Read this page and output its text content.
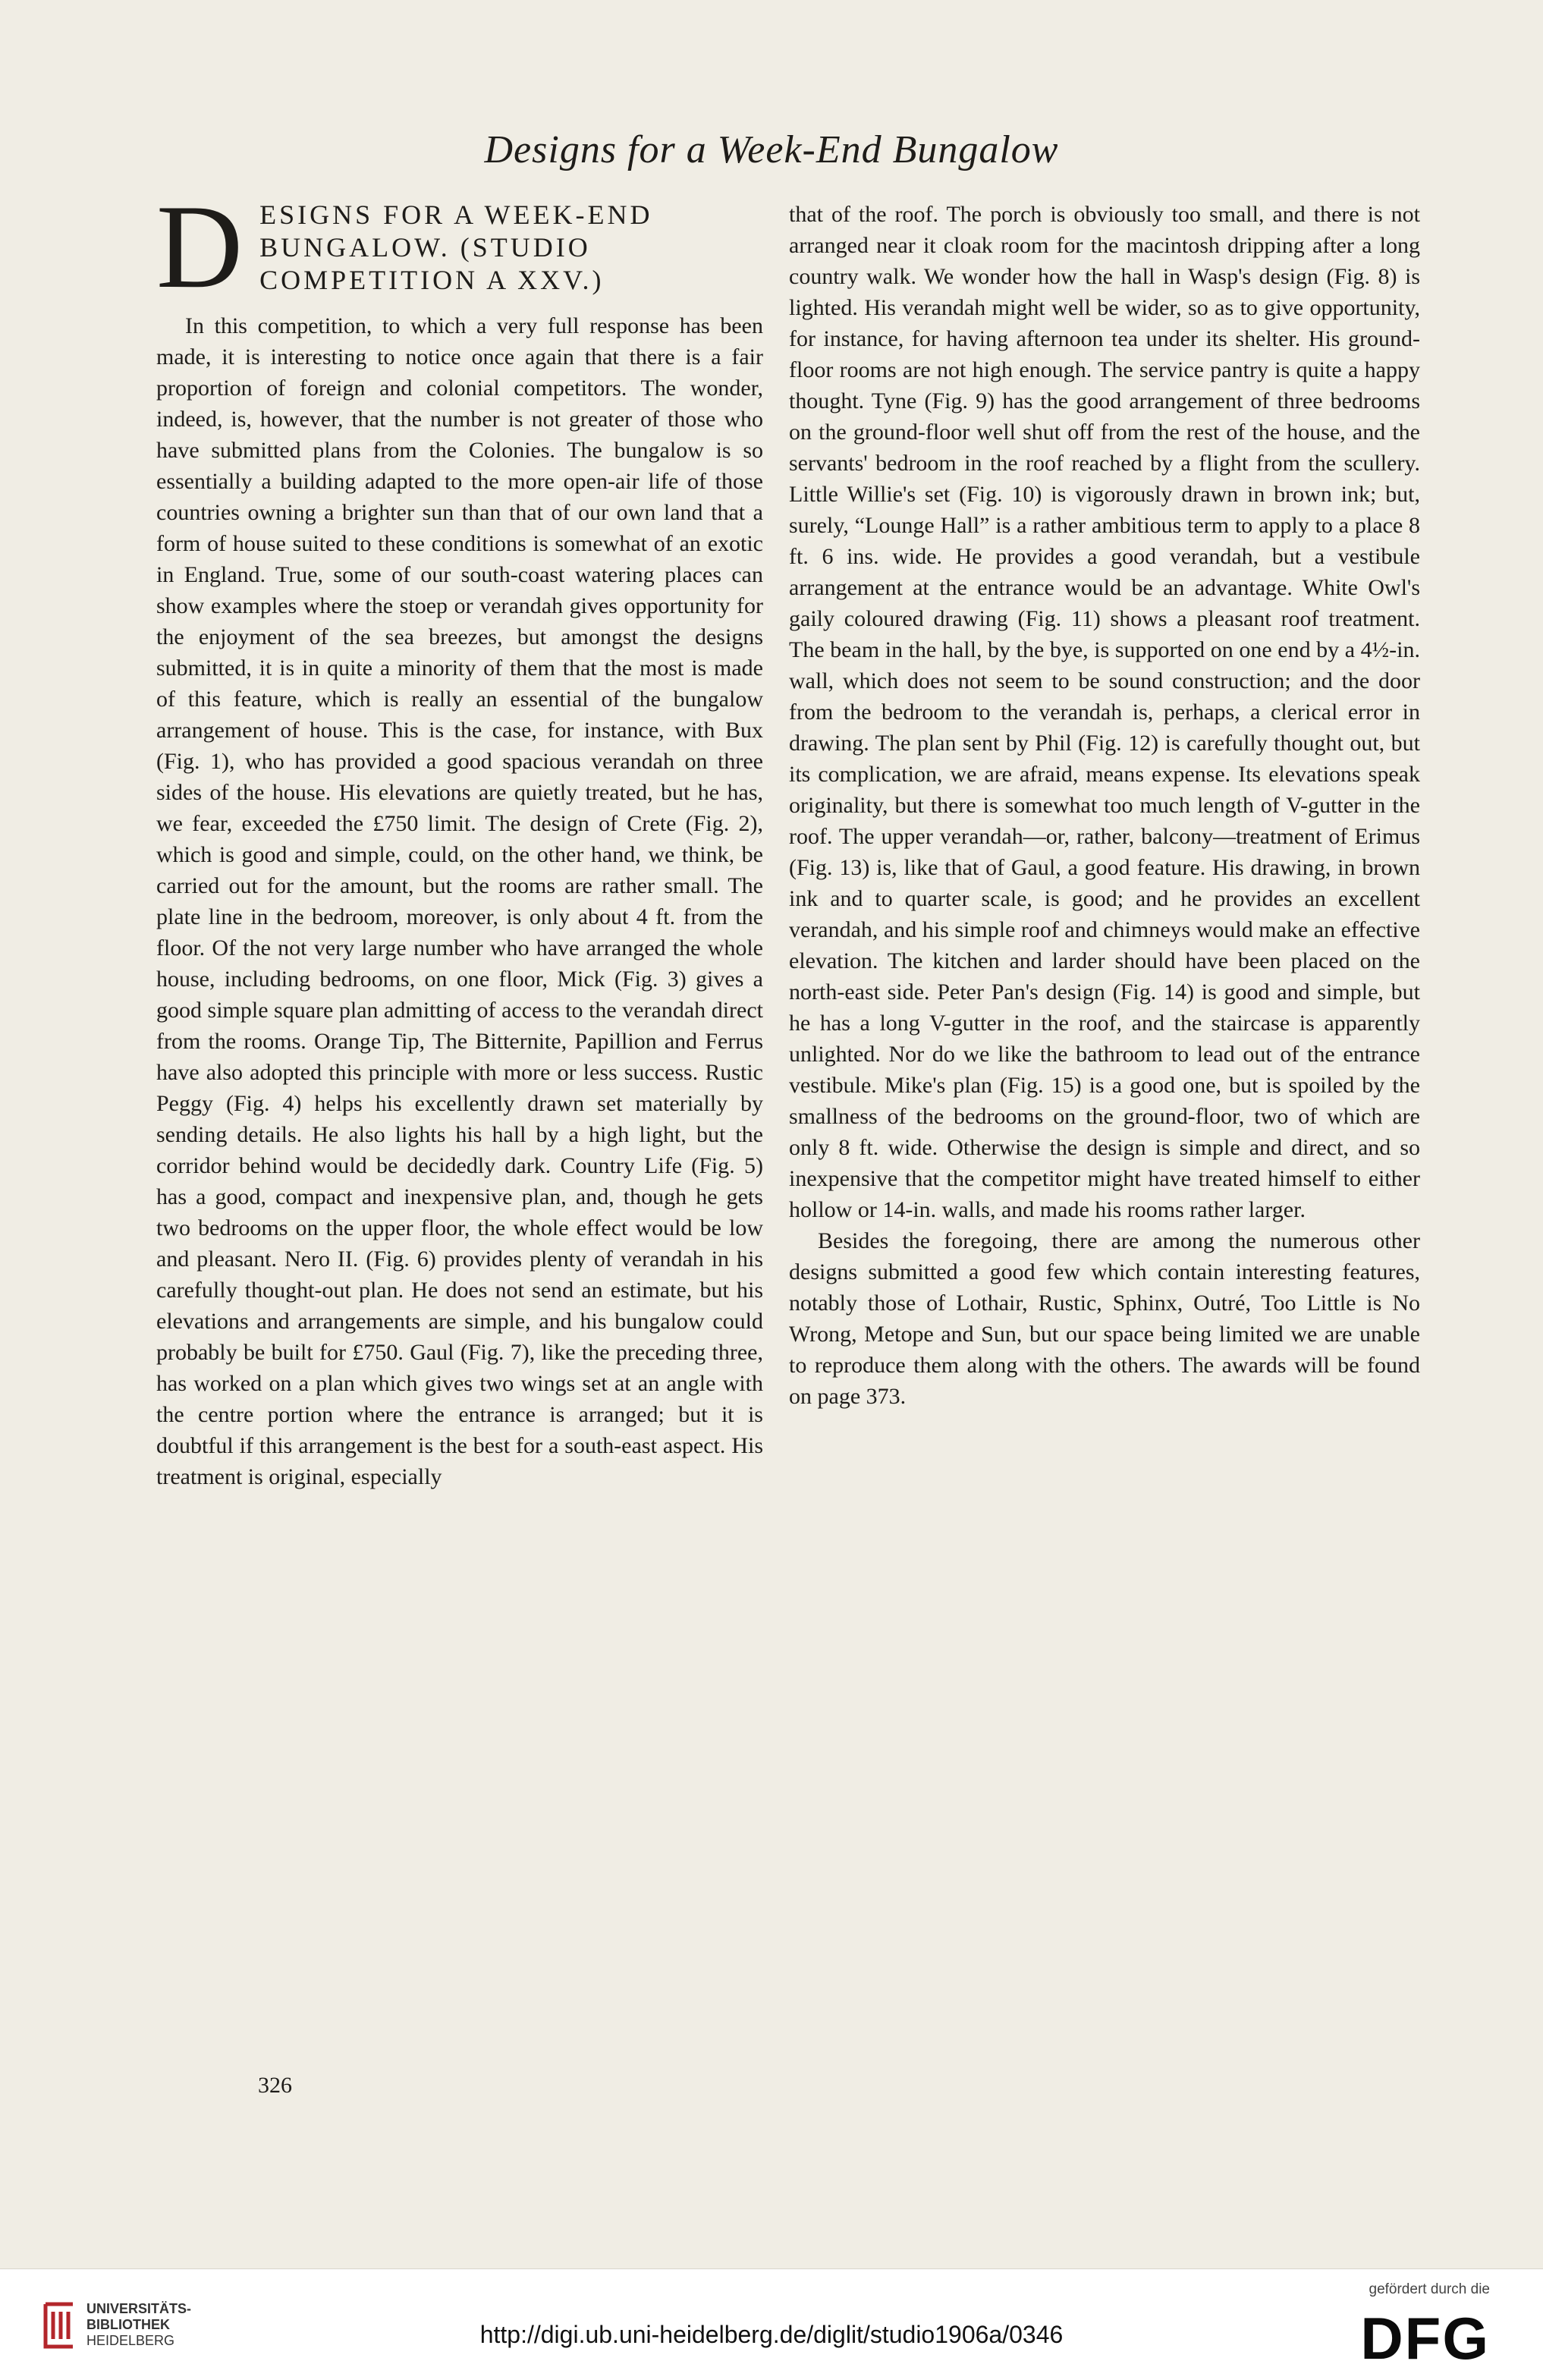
Designs for a Week-End Bungalow

DESIGNS FOR A WEEK-END BUNGALOW. (STUDIO COMPETITION A XXV.)

In this competition, to which a very full response has been made, it is interesting to notice once again that there is a fair proportion of foreign and colonial competitors. The wonder, indeed, is, however, that the number is not greater of those who have submitted plans from the Colonies. The bungalow is so essentially a building adapted to the more open-air life of those countries owning a brighter sun than that of our own land that a form of house suited to these conditions is somewhat of an exotic in England. True, some of our south-coast watering places can show examples where the stoep or verandah gives opportunity for the enjoyment of the sea breezes, but amongst the designs submitted, it is in quite a minority of them that the most is made of this feature, which is really an essential of the bungalow arrangement of house. This is the case, for instance, with Bux (Fig. 1), who has provided a good spacious verandah on three sides of the house. His elevations are quietly treated, but he has, we fear, exceeded the £750 limit. The design of Crete (Fig. 2), which is good and simple, could, on the other hand, we think, be carried out for the amount, but the rooms are rather small. The plate line in the bedroom, moreover, is only about 4 ft. from the floor. Of the not very large number who have arranged the whole house, including bedrooms, on one floor, Mick (Fig. 3) gives a good simple square plan admitting of access to the verandah direct from the rooms. Orange Tip, The Bitternite, Papillion and Ferrus have also adopted this principle with more or less success. Rustic Peggy (Fig. 4) helps his excellently drawn set materially by sending details. He also lights his hall by a high light, but the corridor behind would be decidedly dark. Country Life (Fig. 5) has a good, compact and inexpensive plan, and, though he gets two bedrooms on the upper floor, the whole effect would be low and pleasant. Nero II. (Fig. 6) provides plenty of verandah in his carefully thought-out plan. He does not send an estimate, but his elevations and arrangements are simple, and his bungalow could probably be built for £750. Gaul (Fig. 7), like the preceding three, has worked on a plan which gives two wings set at an angle with the centre portion where the entrance is arranged; but it is doubtful if this arrangement is the best for a south-east aspect. His treatment is original, especially

that of the roof. The porch is obviously too small, and there is not arranged near it cloak room for the macintosh dripping after a long country walk. We wonder how the hall in Wasp's design (Fig. 8) is lighted. His verandah might well be wider, so as to give opportunity, for instance, for having afternoon tea under its shelter. His ground-floor rooms are not high enough. The service pantry is quite a happy thought. Tyne (Fig. 9) has the good arrangement of three bedrooms on the ground-floor well shut off from the rest of the house, and the servants' bedroom in the roof reached by a flight from the scullery. Little Willie's set (Fig. 10) is vigorously drawn in brown ink; but, surely, “Lounge Hall” is a rather ambitious term to apply to a place 8 ft. 6 ins. wide. He provides a good verandah, but a vestibule arrangement at the entrance would be an advantage. White Owl's gaily coloured drawing (Fig. 11) shows a pleasant roof treatment. The beam in the hall, by the bye, is supported on one end by a 4½-in. wall, which does not seem to be sound construction; and the door from the bedroom to the verandah is, perhaps, a clerical error in drawing. The plan sent by Phil (Fig. 12) is carefully thought out, but its complication, we are afraid, means expense. Its elevations speak originality, but there is somewhat too much length of V-gutter in the roof. The upper verandah—or, rather, balcony—treatment of Erimus (Fig. 13) is, like that of Gaul, a good feature. His drawing, in brown ink and to quarter scale, is good; and he provides an excellent verandah, and his simple roof and chimneys would make an effective elevation. The kitchen and larder should have been placed on the north-east side. Peter Pan's design (Fig. 14) is good and simple, but he has a long V-gutter in the roof, and the staircase is apparently unlighted. Nor do we like the bathroom to lead out of the entrance vestibule. Mike's plan (Fig. 15) is a good one, but is spoiled by the smallness of the bedrooms on the ground-floor, two of which are only 8 ft. wide. Otherwise the design is simple and direct, and so inexpensive that the competitor might have treated himself to either hollow or 14-in. walls, and made his rooms rather larger.

Besides the foregoing, there are among the numerous other designs submitted a good few which contain interesting features, notably those of Lothair, Rustic, Sphinx, Outré, Too Little is No Wrong, Metope and Sun, but our space being limited we are unable to reproduce them along with the others. The awards will be found on page 373.

326
UNIVERSITÄTS-
BIBLIOTHEK
HEIDELBERG	http://digi.ub.uni-heidelberg.de/diglit/studio1906a/0346
gefördert durch die
DFG
